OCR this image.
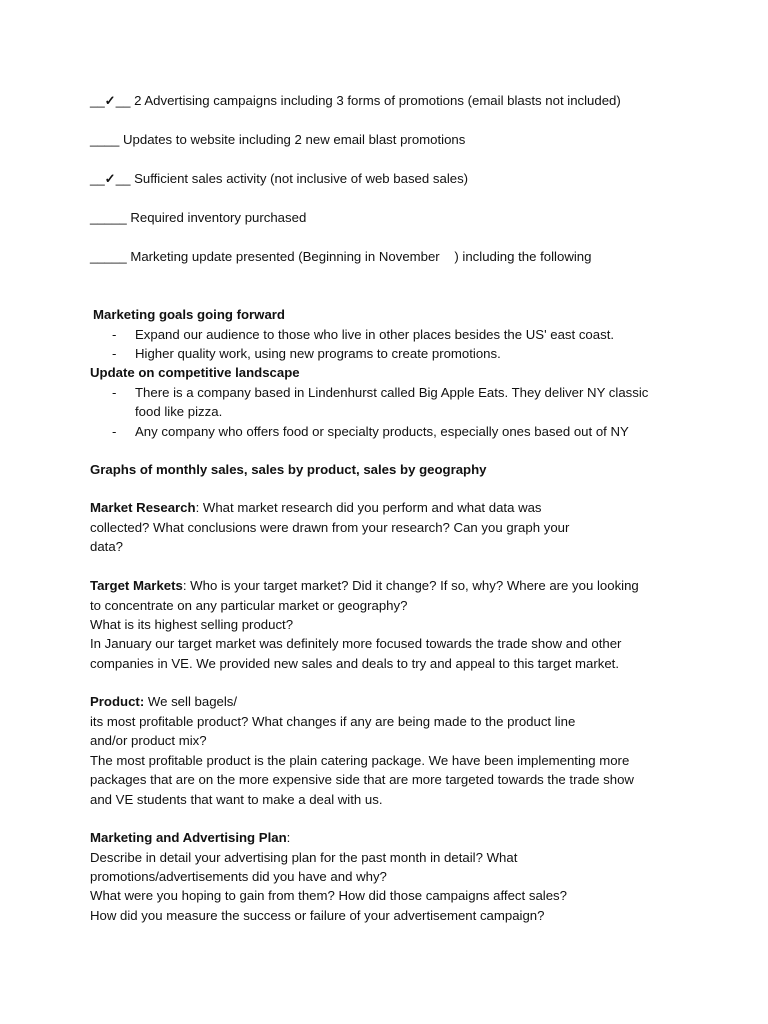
__✓__ 2 Advertising campaigns including 3 forms of promotions (email blasts not included)
____ Updates to website including 2 new email blast promotions
__✓__ Sufficient sales activity (not inclusive of web based sales)
_____ Required inventory purchased
_____ Marketing update presented (Beginning in November    ) including the following
Marketing goals going forward
- Expand our audience to those who live in other places besides the US' east coast.
- Higher quality work, using new programs to create promotions.
Update on competitive landscape
- There is a company based in Lindenhurst called Big Apple Eats. They deliver NY classic
food like pizza.
- Any company who offers food or specialty products, especially ones based out of NY
Graphs of monthly sales, sales by product, sales by geography
Market Research: What market research did you perform and what data was
collected? What conclusions were drawn from your research? Can you graph your
data?
Target Markets: Who is your target market? Did it change? If so, why? Where are you looking
to concentrate on any particular market or geography?
What is its highest selling product?
In January our target market was definitely more focused towards the trade show and other
companies in VE. We provided new sales and deals to try and appeal to this target market.
Product: We sell bagels/
its most profitable product? What changes if any are being made to the product line
and/or product mix?
The most profitable product is the plain catering package. We have been implementing more
packages that are on the more expensive side that are more targeted towards the trade show
and VE students that want to make a deal with us.
Marketing and Advertising Plan:
Describe in detail your advertising plan for the past month in detail? What
promotions/advertisements did you have and why?
What were you hoping to gain from them? How did those campaigns affect sales?
How did you measure the success or failure of your advertisement campaign?
